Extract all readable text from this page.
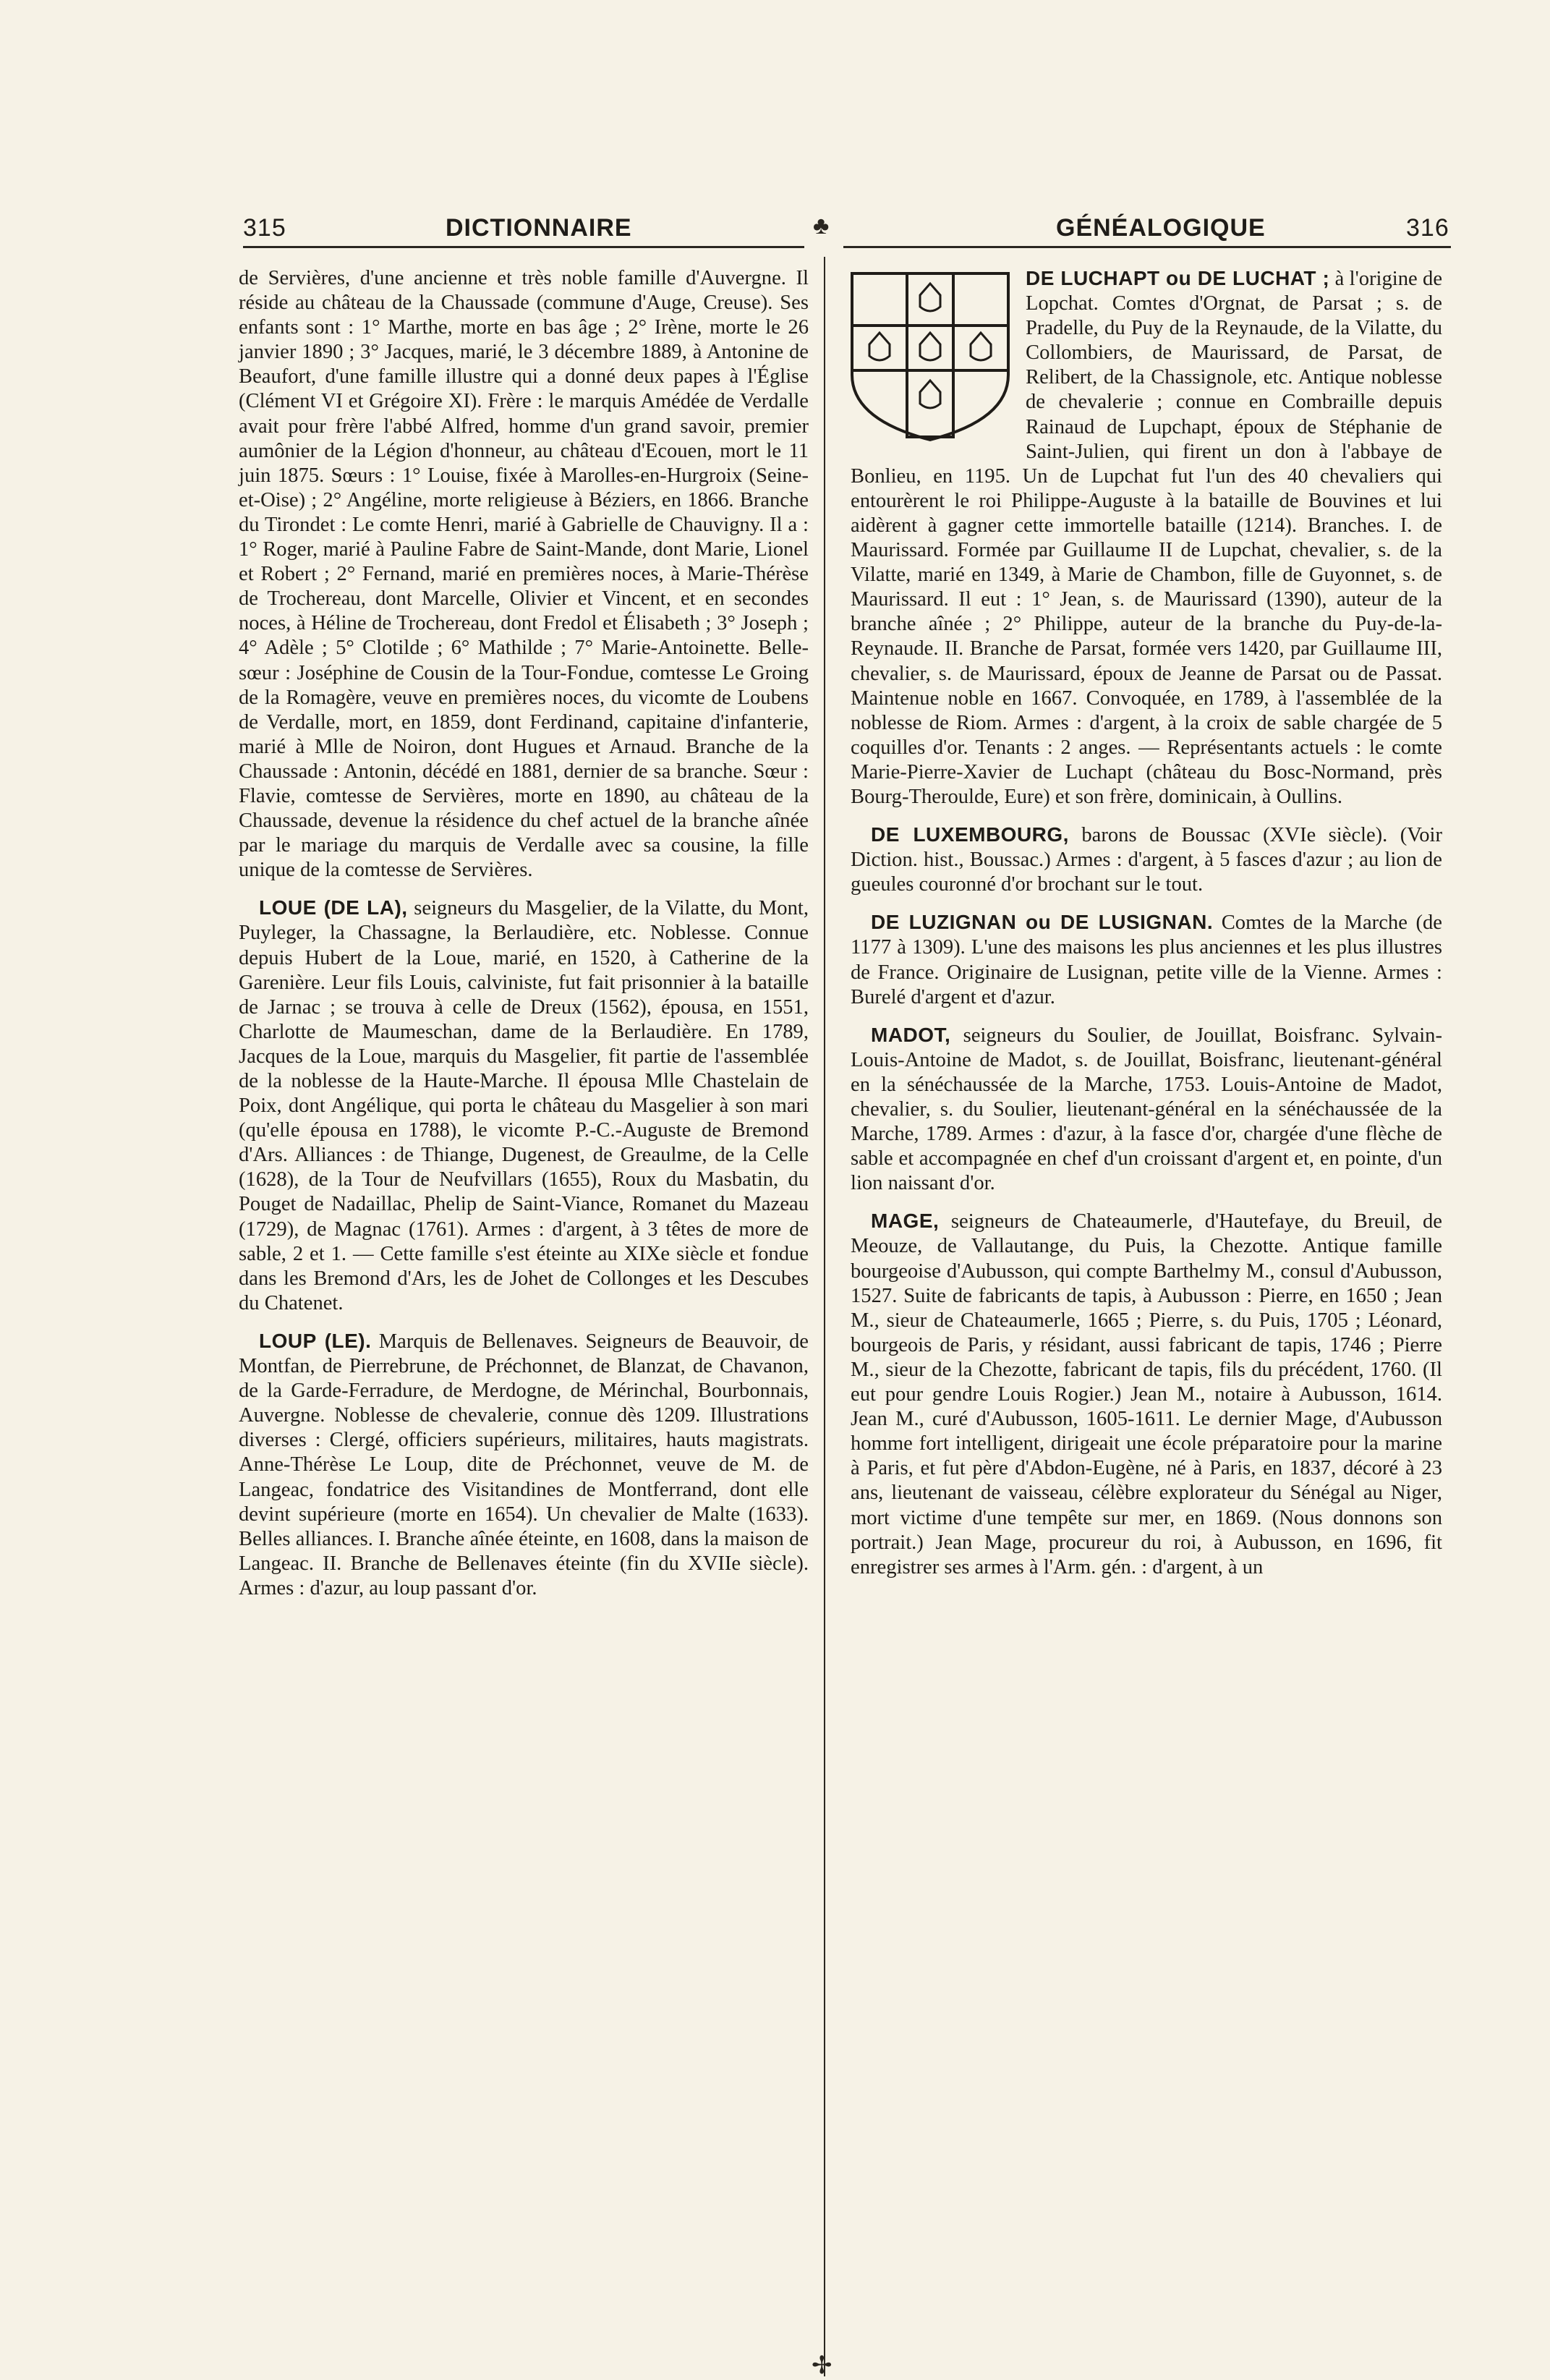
315	DICTIONNAIRE	♣	GÉNÉALOGIQUE	316
✢

de Servières, d'une ancienne et très noble famille d'Auvergne. Il réside au château de la Chaussade (commune d'Auge, Creuse). Ses enfants sont : 1° Marthe, morte en bas âge ; 2° Irène, morte le 26 janvier 1890 ; 3° Jacques, marié, le 3 décembre 1889, à Antonine de Beaufort, d'une famille illustre qui a donné deux papes à l'Église (Clément VI et Grégoire XI). Frère : le marquis Amédée de Verdalle avait pour frère l'abbé Alfred, homme d'un grand savoir, premier aumônier de la Légion d'honneur, au château d'Ecouen, mort le 11 juin 1875. Sœurs : 1° Louise, fixée à Marolles-en-Hurgroix (Seine-et-Oise) ; 2° Angéline, morte religieuse à Béziers, en 1866. Branche du Tirondet : Le comte Henri, marié à Gabrielle de Chauvigny. Il a : 1° Roger, marié à Pauline Fabre de Saint-Mande, dont Marie, Lionel et Robert ; 2° Fernand, marié en premières noces, à Marie-Thérèse de Trochereau, dont Marcelle, Olivier et Vincent, et en secondes noces, à Héline de Trochereau, dont Fredol et Élisabeth ; 3° Joseph ; 4° Adèle ; 5° Clotilde ; 6° Mathilde ; 7° Marie-Antoinette. Belle-sœur : Joséphine de Cousin de la Tour-Fondue, comtesse Le Groing de la Romagère, veuve en premières noces, du vicomte de Loubens de Verdalle, mort, en 1859, dont Ferdinand, capitaine d'infanterie, marié à Mlle de Noiron, dont Hugues et Arnaud. Branche de la Chaussade : Antonin, décédé en 1881, dernier de sa branche. Sœur : Flavie, comtesse de Servières, morte en 1890, au château de la Chaussade, devenue la résidence du chef actuel de la branche aînée par le mariage du marquis de Verdalle avec sa cousine, la fille unique de la comtesse de Servières.

LOUE (DE LA), seigneurs du Masgelier, de la Vilatte, du Mont, Puyleger, la Chassagne, la Berlaudière, etc. Noblesse. Connue depuis Hubert de la Loue, marié, en 1520, à Catherine de la Garenière. Leur fils Louis, calviniste, fut fait prisonnier à la bataille de Jarnac ; se trouva à celle de Dreux (1562), épousa, en 1551, Charlotte de Maumeschan, dame de la Berlaudière. En 1789, Jacques de la Loue, marquis du Masgelier, fit partie de l'assemblée de la noblesse de la Haute-Marche. Il épousa Mlle Chastelain de Poix, dont Angélique, qui porta le château du Masgelier à son mari (qu'elle épousa en 1788), le vicomte P.-C.-Auguste de Bremond d'Ars. Alliances : de Thiange, Dugenest, de Greaulme, de la Celle (1628), de la Tour de Neufvillars (1655), Roux du Masbatin, du Pouget de Nadaillac, Phelip de Saint-Viance, Romanet du Mazeau (1729), de Magnac (1761). Armes : d'argent, à 3 têtes de more de sable, 2 et 1. — Cette famille s'est éteinte au XIXe siècle et fondue dans les Bremond d'Ars, les de Johet de Collonges et les Descubes du Chatenet.

LOUP (LE). Marquis de Bellenaves. Seigneurs de Beauvoir, de Montfan, de Pierrebrune, de Préchonnet, de Blanzat, de Chavanon, de la Garde-Ferradure, de Merdogne, de Mérinchal, Bourbonnais, Auvergne. Noblesse de chevalerie, connue dès 1209. Illustrations diverses : Clergé, officiers supérieurs, militaires, hauts magistrats. Anne-Thérèse Le Loup, dite de Préchonnet, veuve de M. de Langeac, fondatrice des Visitandines de Montferrand, dont elle devint supérieure (morte en 1654). Un chevalier de Malte (1633). Belles alliances. I. Branche aînée éteinte, en 1608, dans la maison de Langeac. II. Branche de Bellenaves éteinte (fin du XVIIe siècle). Armes : d'azur, au loup passant d'or.

DE LUCHAPT ou DE LUCHAT ; à l'origine de Lopchat. Comtes d'Orgnat, de Parsat ; s. de Pradelle, du Puy de la Reynaude, de la Vilatte, du Collombiers, de Maurissard, de Parsat, de Relibert, de la Chassignole, etc. Antique noblesse de chevalerie ; connue en Combraille depuis Rainaud de Lupchapt, époux de Stéphanie de Saint-Julien, qui firent un don à l'abbaye de Bonlieu, en 1195. Un de Lupchat fut l'un des 40 chevaliers qui entourèrent le roi Philippe-Auguste à la bataille de Bouvines et lui aidèrent à gagner cette immortelle bataille (1214). Branches. I. de Maurissard. Formée par Guillaume II de Lupchat, chevalier, s. de la Vilatte, marié en 1349, à Marie de Chambon, fille de Guyonnet, s. de Maurissard. Il eut : 1° Jean, s. de Maurissard (1390), auteur de la branche aînée ; 2° Philippe, auteur de la branche du Puy-de-la-Reynaude. II. Branche de Parsat, formée vers 1420, par Guillaume III, chevalier, s. de Maurissard, époux de Jeanne de Parsat ou de Passat. Maintenue noble en 1667. Convoquée, en 1789, à l'assemblée de la noblesse de Riom. Armes : d'argent, à la croix de sable chargée de 5 coquilles d'or. Tenants : 2 anges. — Représentants actuels : le comte Marie-Pierre-Xavier de Luchapt (château du Bosc-Normand, près Bourg-Theroulde, Eure) et son frère, dominicain, à Oullins.

DE LUXEMBOURG, barons de Boussac (XVIe siècle). (Voir Diction. hist., Boussac.) Armes : d'argent, à 5 fasces d'azur ; au lion de gueules couronné d'or brochant sur le tout.

DE LUZIGNAN ou DE LUSIGNAN. Comtes de la Marche (de 1177 à 1309). L'une des maisons les plus anciennes et les plus illustres de France. Originaire de Lusignan, petite ville de la Vienne. Armes : Burelé d'argent et d'azur.

MADOT, seigneurs du Soulier, de Jouillat, Boisfranc. Sylvain-Louis-Antoine de Madot, s. de Jouillat, Boisfranc, lieutenant-général en la sénéchaussée de la Marche, 1753. Louis-Antoine de Madot, chevalier, s. du Soulier, lieutenant-général en la sénéchaussée de la Marche, 1789. Armes : d'azur, à la fasce d'or, chargée d'une flèche de sable et accompagnée en chef d'un croissant d'argent et, en pointe, d'un lion naissant d'or.

MAGE, seigneurs de Chateaumerle, d'Hautefaye, du Breuil, de Meouze, de Vallautange, du Puis, la Chezotte. Antique famille bourgeoise d'Aubusson, qui compte Barthelmy M., consul d'Aubusson, 1527. Suite de fabricants de tapis, à Aubusson : Pierre, en 1650 ; Jean M., sieur de Chateaumerle, 1665 ; Pierre, s. du Puis, 1705 ; Léonard, bourgeois de Paris, y résidant, aussi fabricant de tapis, 1746 ; Pierre M., sieur de la Chezotte, fabricant de tapis, fils du précédent, 1760. (Il eut pour gendre Louis Rogier.) Jean M., notaire à Aubusson, 1614. Jean M., curé d'Aubusson, 1605-1611. Le dernier Mage, d'Aubusson homme fort intelligent, dirigeait une école préparatoire pour la marine à Paris, et fut père d'Abdon-Eugène, né à Paris, en 1837, décoré à 23 ans, lieutenant de vaisseau, célèbre explorateur du Sénégal au Niger, mort victime d'une tempête sur mer, en 1869. (Nous donnons son portrait.) Jean Mage, procureur du roi, à Aubusson, en 1696, fit enregistrer ses armes à l'Arm. gén. : d'argent, à un
